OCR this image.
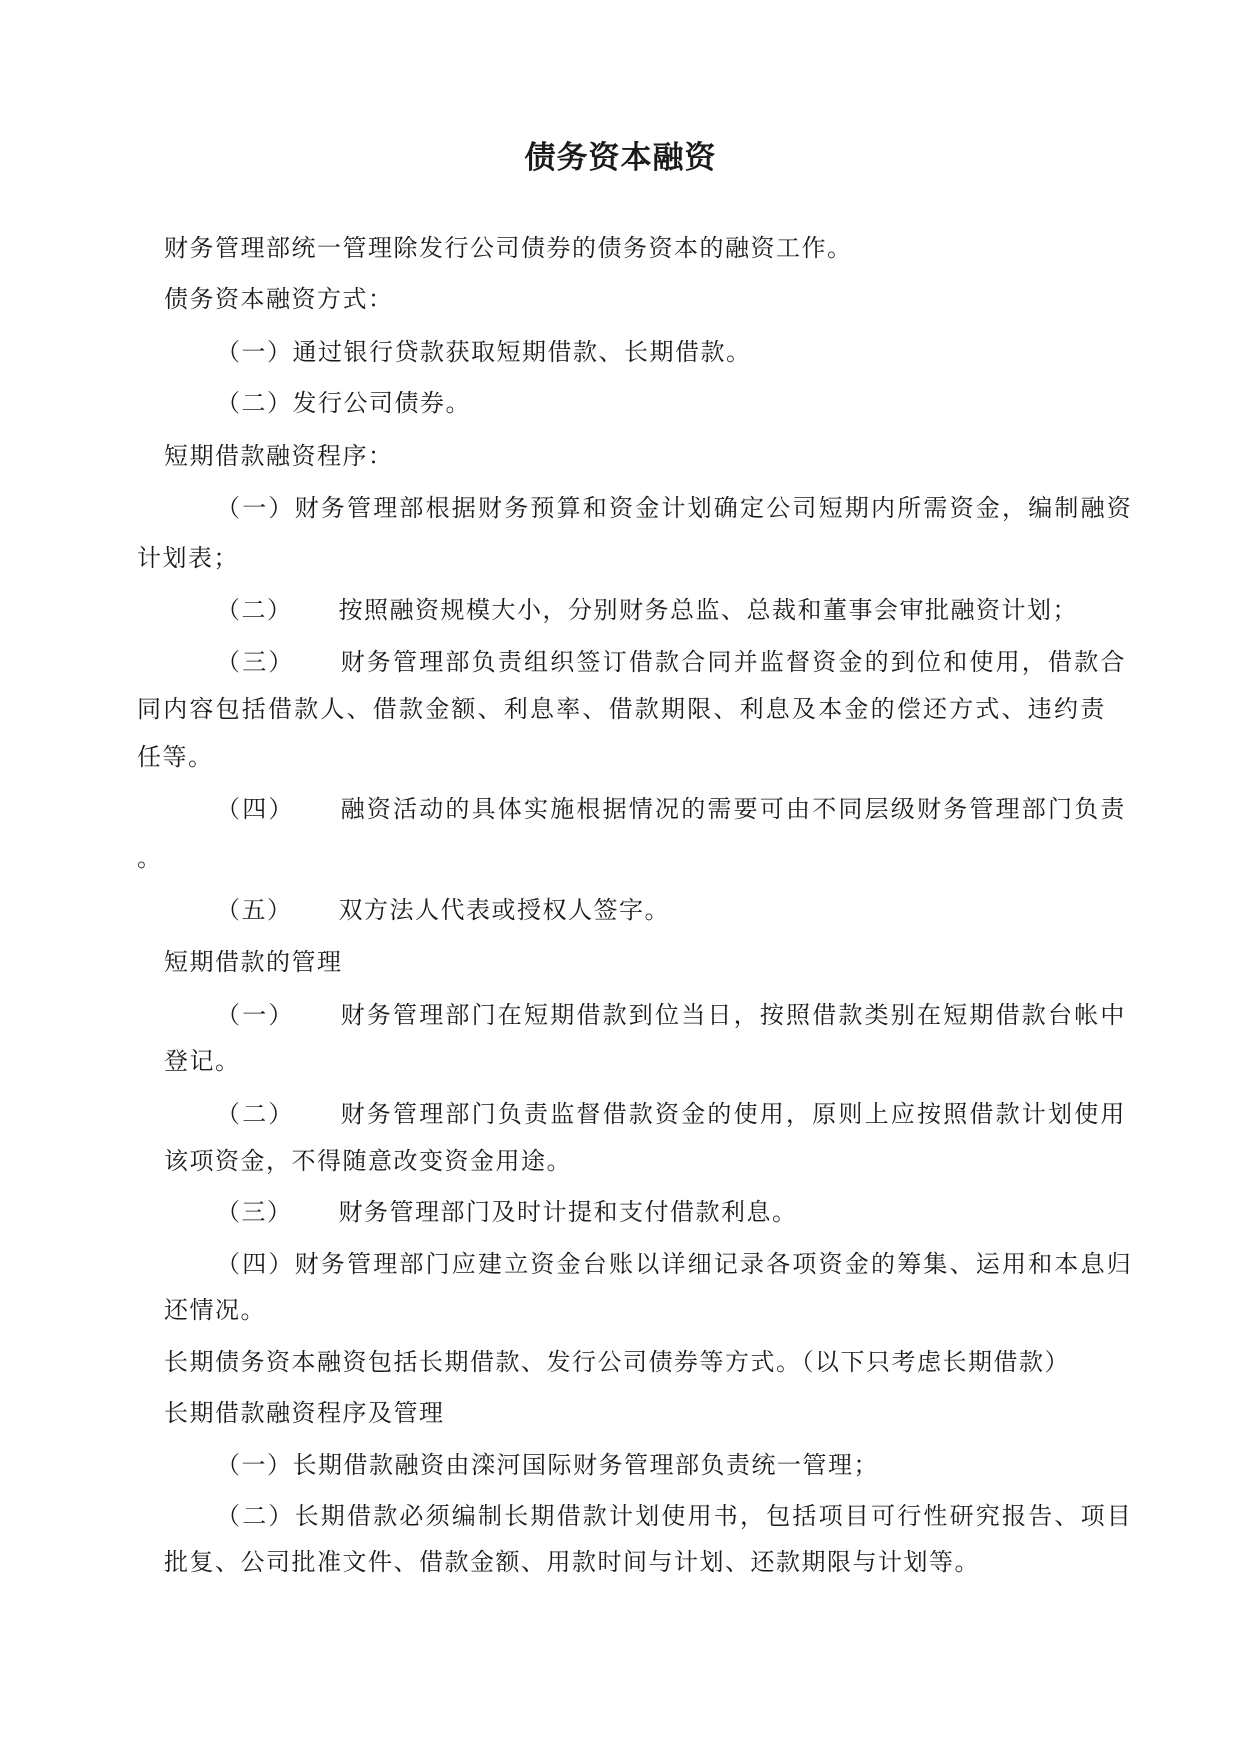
债务资本融资
财务管理部统一管理除发行公司债券的债务资本的融资工作。
债务资本融资方式：
（一）通过银行贷款获取短期借款、长期借款。
（二）发行公司债券。
短期借款融资程序：
（一）财务管理部根据财务预算和资金计划确定公司短期内所需资金，编制融资
计划表；
（二） 按照融资规模大小，分别财务总监、总裁和董事会审批融资计划；
（三） 财务管理部负责组织签订借款合同并监督资金的到位和使用，借款合
同内容包括借款人、借款金额、利息率、借款期限、利息及本金的偿还方式、违约责
任等。
（四） 融资活动的具体实施根据情况的需要可由不同层级财务管理部门负责
。
（五） 双方法人代表或授权人签字。
短期借款的管理
（一） 财务管理部门在短期借款到位当日，按照借款类别在短期借款台帐中
登记。
（二） 财务管理部门负责监督借款资金的使用，原则上应按照借款计划使用
该项资金，不得随意改变资金用途。
（三） 财务管理部门及时计提和支付借款利息。
（四）财务管理部门应建立资金台账以详细记录各项资金的筹集、运用和本息归
还情况。
长期债务资本融资包括长期借款、发行公司债券等方式。（以下只考虑长期借款）
长期借款融资程序及管理
（一）长期借款融资由滦河国际财务管理部负责统一管理；
（二）长期借款必须编制长期借款计划使用书，包括项目可行性研究报告、项目
批复、公司批准文件、借款金额、用款时间与计划、还款期限与计划等。
